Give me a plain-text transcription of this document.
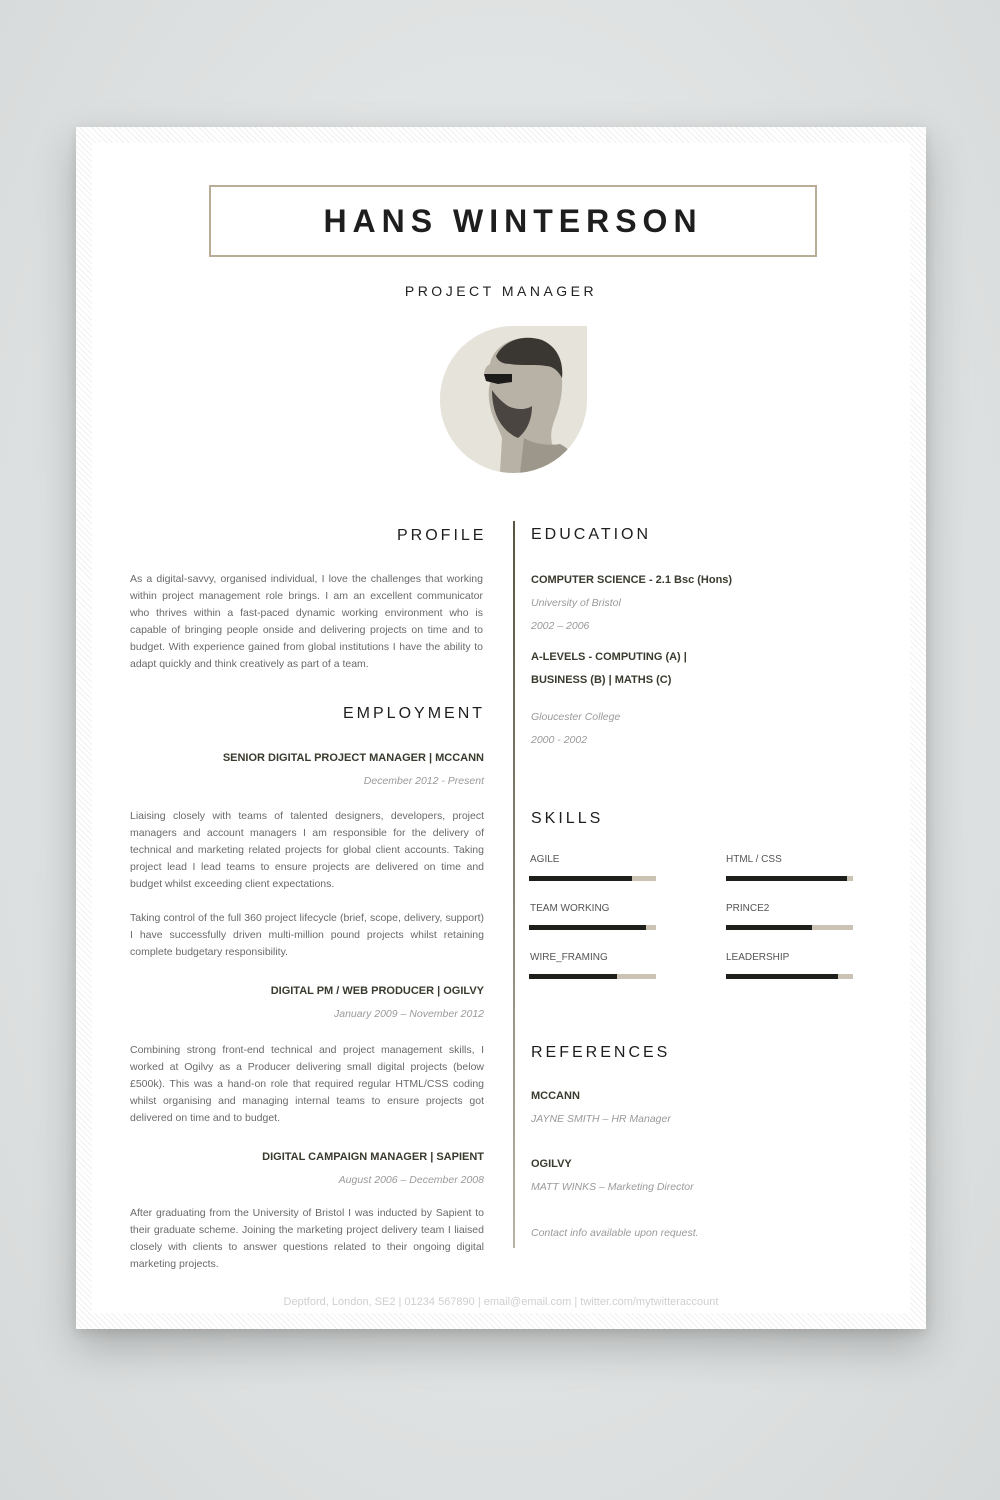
HANS WINTERSON
PROJECT MANAGER
PROFILE
As a digital-savvy, organised individual, I love the challenges that working within project management role brings. I am an excellent communicator who thrives within a fast-paced dynamic working environment who is capable of bringing people onside and delivering projects on time and to budget. With experience gained from global institutions I have the ability to adapt quickly and think creatively as part of a team.
EMPLOYMENT
SENIOR DIGITAL PROJECT MANAGER | MCCANN
December 2012 - Present
Liaising closely with teams of talented designers, developers, project managers and account managers I am responsible for the delivery of technical and marketing related projects for global client accounts. Taking project lead I lead teams to ensure projects are delivered on time and budget whilst exceeding client expectations.
Taking control of the full 360 project lifecycle (brief, scope, delivery, support) I have successfully driven multi-million pound projects whilst retaining complete budgetary responsibility.
DIGITAL PM / WEB PRODUCER | OGILVY
January 2009 – November 2012
Combining strong front-end technical and project management skills, I worked at Ogilvy as a Producer delivering small digital projects (below £500k). This was a hand-on role that required regular HTML/CSS coding whilst organising and managing internal teams to ensure projects got delivered on time and to budget.
DIGITAL CAMPAIGN MANAGER | SAPIENT
August 2006 – December 2008
After graduating from the University of Bristol I was inducted by Sapient to their graduate scheme. Joining the marketing project delivery team I liaised closely with clients to answer questions related to their ongoing digital marketing projects.
EDUCATION
COMPUTER SCIENCE - 2.1 Bsc (Hons)
University of Bristol
2002 – 2006
A-LEVELS - COMPUTING (A) | BUSINESS (B) | MATHS (C)
Gloucester College
2000 - 2002
SKILLS
AGILE	HTML / CSS
TEAM WORKING	PRINCE2
WIRE_FRAMING	LEADERSHIP
REFERENCES
MCCANN
JAYNE SMITH – HR Manager
OGILVY
MATT WINKS – Marketing Director
Contact info available upon request.
Deptford, London, SE2 | 01234 567890 | email@email.com | twitter.com/mytwitteraccount
